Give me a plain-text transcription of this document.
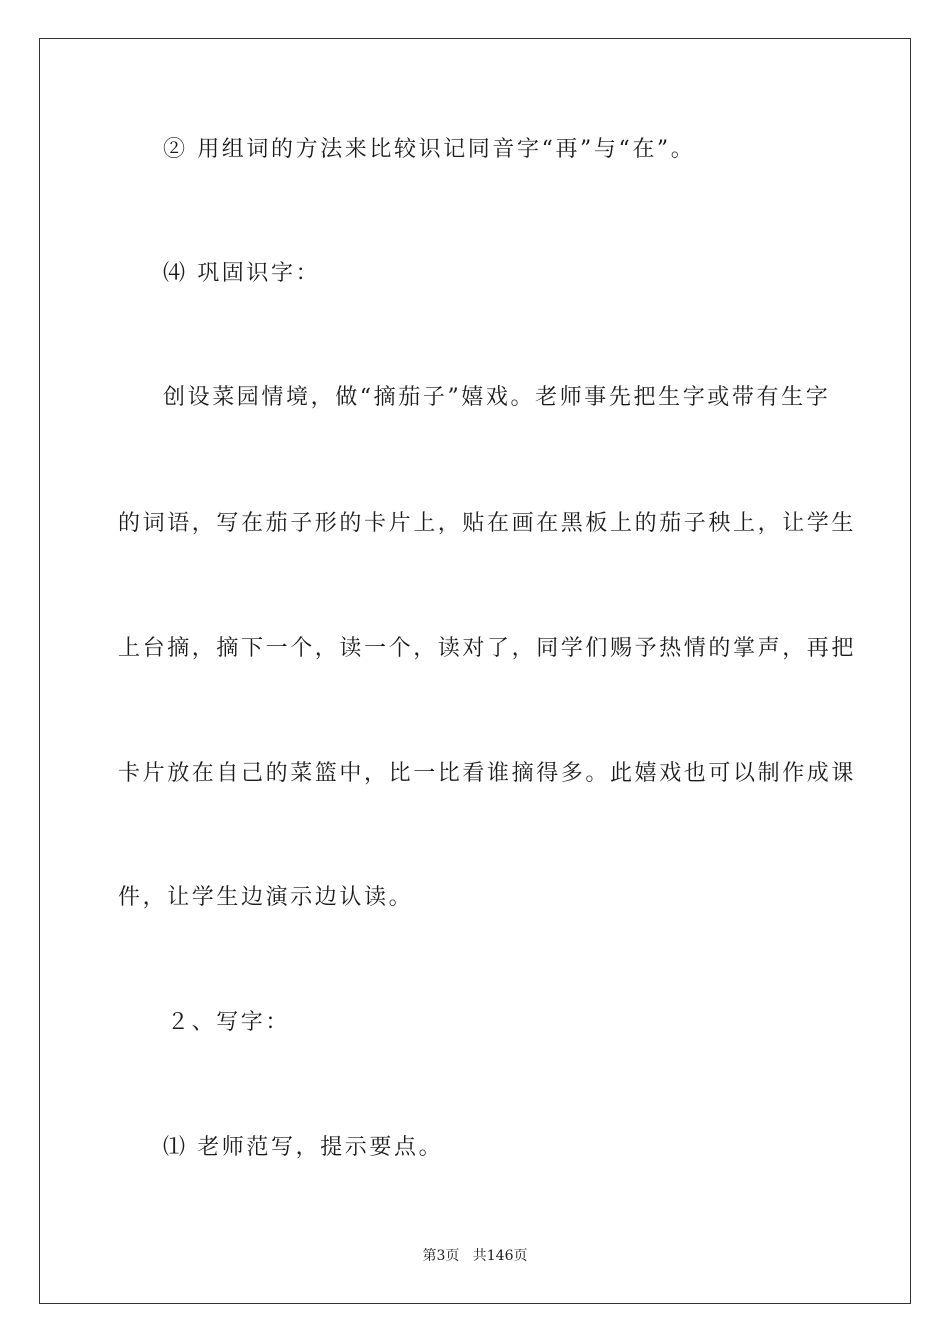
② 用组词的方法来比较识记同音字“再”与“在”。
⑷ 巩固识字：
创设菜园情境，做“摘茄子”嬉戏。老师事先把生字或带有生字
的词语，写在茄子形的卡片上，贴在画在黑板上的茄子秧上，让学生
上台摘，摘下一个，读一个，读对了，同学们赐予热情的掌声，再把
卡片放在自己的菜篮中，比一比看谁摘得多。此嬉戏也可以制作成课
件，让学生边演示边认读。
２、写字：
⑴ 老师范写，提示要点。
第3页 共146页
